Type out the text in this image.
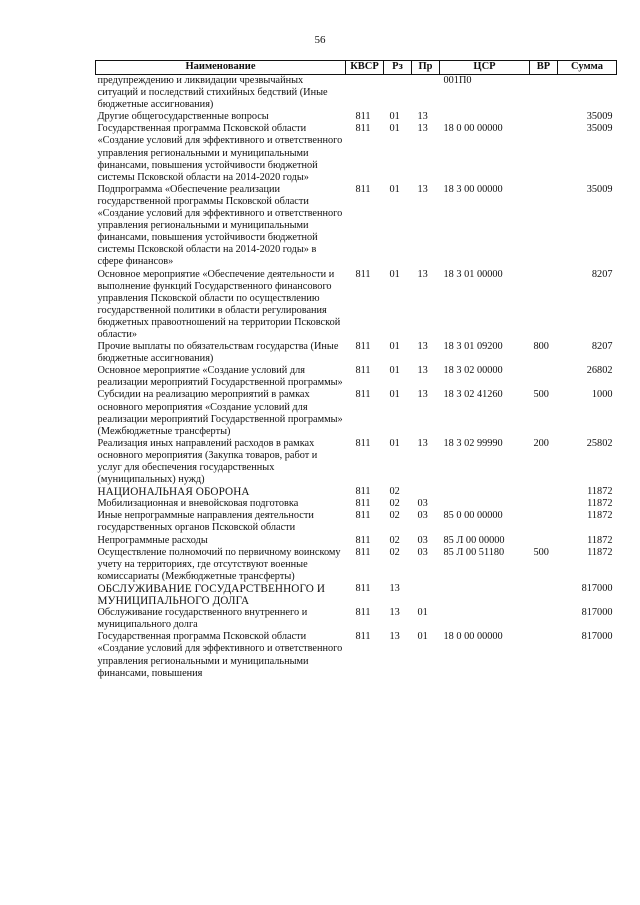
56
Наименование	КВСР	Рз	Пр	ЦСР	ВР	Сумма
предупреждению и ликвидации чрезвычайных ситуаций и последствий стихийных бедствий (Иные бюджетные ассигнования)				001П0		
Другие общегосударственные вопросы	811	01	13			35009
Государственная программа Псковской области «Создание условий для эффективного и ответственного управления региональными и муниципальными финансами, повышения устойчивости бюджетной системы Псковской области на 2014-2020 годы»	811	01	13	18 0 00 00000		35009
Подпрограмма «Обеспечение реализации государственной программы Псковской области «Создание условий для эффективного и ответственного управления региональными и муниципальными финансами, повышения устойчивости бюджетной системы Псковской области на 2014-2020 годы» в сфере финансов»	811	01	13	18 3 00 00000		35009
Основное мероприятие «Обеспечение деятельности и выполнение функций Государственного финансового управления Псковской области по осуществлению государственной политики в области регулирования бюджетных правоотношений на территории Псковской области»	811	01	13	18 3 01 00000		8207
Прочие выплаты по обязательствам государства (Иные бюджетные ассигнования)	811	01	13	18 3 01 09200	800	8207
Основное мероприятие «Создание условий для реализации мероприятий Государственной программы»	811	01	13	18 3 02 00000		26802
Субсидии на реализацию мероприятий в рамках основного мероприятия «Создание условий для реализации мероприятий Государственной программы» (Межбюджетные трансферты)	811	01	13	18 3 02 41260	500	1000
Реализация иных направлений расходов в рамках основного мероприятия (Закупка товаров, работ и услуг для обеспечения государственных (муниципальных) нужд)	811	01	13	18 3 02 99990	200	25802
НАЦИОНАЛЬНАЯ ОБОРОНА	811	02				11872
Мобилизационная и вневойсковая подготовка	811	02	03			11872
Иные непрограммные направления деятельности государственных органов Псковской области	811	02	03	85 0 00 00000		11872
Непрограммные расходы	811	02	03	85 Л 00 00000		11872
Осуществление полномочий по первичному воинскому учету на территориях, где отсутствуют военные комиссариаты (Межбюджетные трансферты)	811	02	03	85 Л 00 51180	500	11872
ОБСЛУЖИВАНИЕ ГОСУДАРСТВЕННОГО И МУНИЦИПАЛЬНОГО ДОЛГА	811	13				817000
Обслуживание государственного внутреннего и муниципального долга	811	13	01			817000
Государственная программа Псковской области «Создание условий для эффективного и ответственного управления региональными и муниципальными финансами, повышения	811	13	01	18 0 00 00000		817000
